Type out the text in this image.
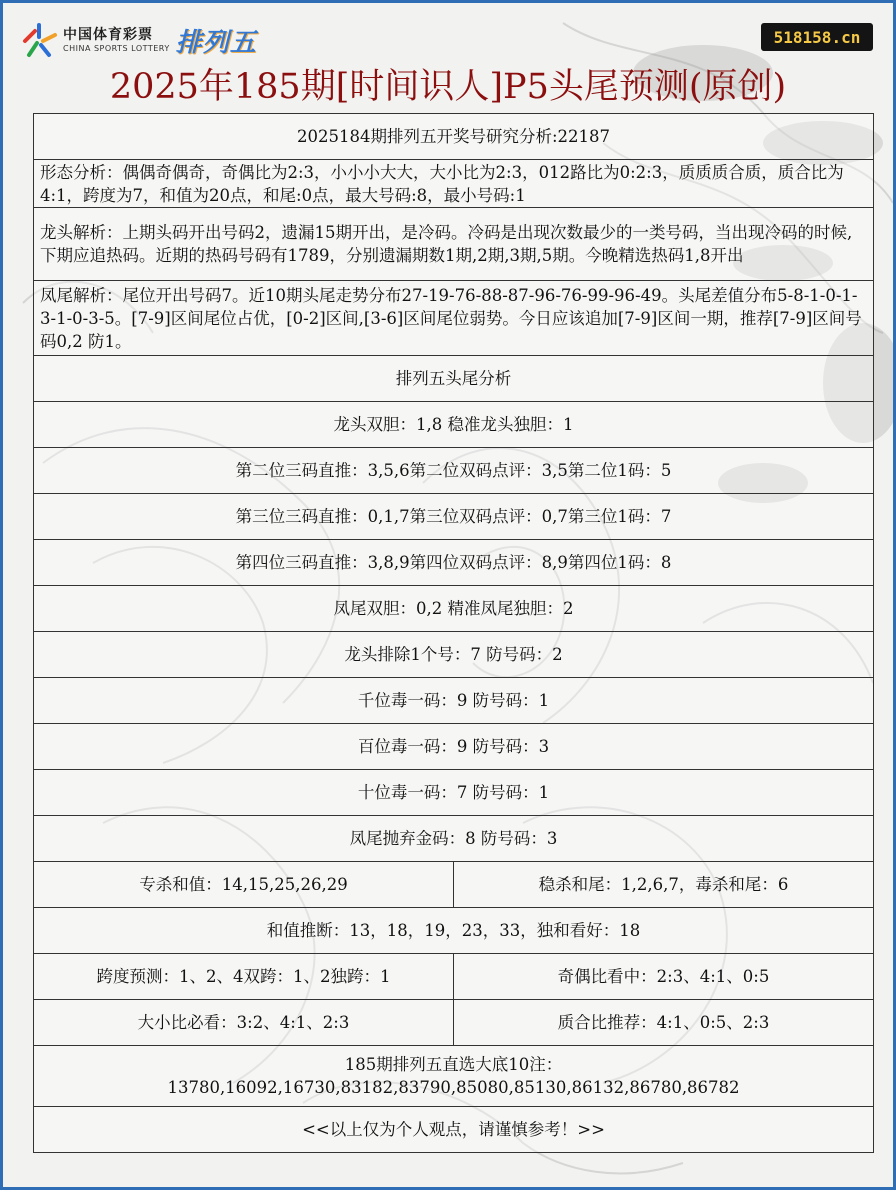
中国体育彩票
CHINA SPORTS LOTTERY 排列五	518158.cn
2025年185期[时间识人]P5头尾预测(原创)
2025184期排列五开奖号研究分析:22187	
形态分析：偶偶奇偶奇，奇偶比为2:3，小小小大大，大小比为2:3，012路比为0:2:3，质质质合质，质合比为4:1，跨度为7，和值为20点，和尾:0点，最大号码:8，最小号码:1	
龙头解析：上期头码开出号码2，遗漏15期开出，是冷码。冷码是出现次数最少的一类号码，当出现冷码的时候,下期应追热码。近期的热码号码有1789，分别遗漏期数1期,2期,3期,5期。今晚精选热码1,8开出	
凤尾解析：尾位开出号码7。近10期头尾走势分布27-19-76-88-87-96-76-99-96-49。头尾差值分布5-8-1-0-1-3-1-0-3-5。[7-9]区间尾位占优，[0-2]区间,[3-6]区间尾位弱势。今日应该追加[7-9]区间一期，推荐[7-9]区间号码0,2 防1。	
排列五头尾分析	
龙头双胆：1,8 稳准龙头独胆：1	
第二位三码直推：3,5,6第二位双码点评：3,5第二位1码：5	
第三位三码直推：0,1,7第三位双码点评：0,7第三位1码：7	
第四位三码直推：3,8,9第四位双码点评：8,9第四位1码：8	
凤尾双胆：0,2 精准凤尾独胆：2	
龙头排除1个号：7 防号码：2	
千位毒一码：9 防号码：1	
百位毒一码：9 防号码：3	
十位毒一码：7 防号码：1	
凤尾抛弃金码：8 防号码：3	
专杀和值：14,15,25,26,29	稳杀和尾：1,2,6,7，毒杀和尾：6
和值推断：13，18，19，23，33，独和看好：18	
跨度预测：1、2、4双跨：1、2独跨：1	奇偶比看中：2:3、4:1、0:5
大小比必看：3:2、4:1、2:3	质合比推荐：4:1、0:5、2:3

185期排列五直选大底10注：
13780,16092,16730,83182,83790,85080,85130,86132,86780,86782	

<<以上仅为个人观点，请谨慎参考！>>	
